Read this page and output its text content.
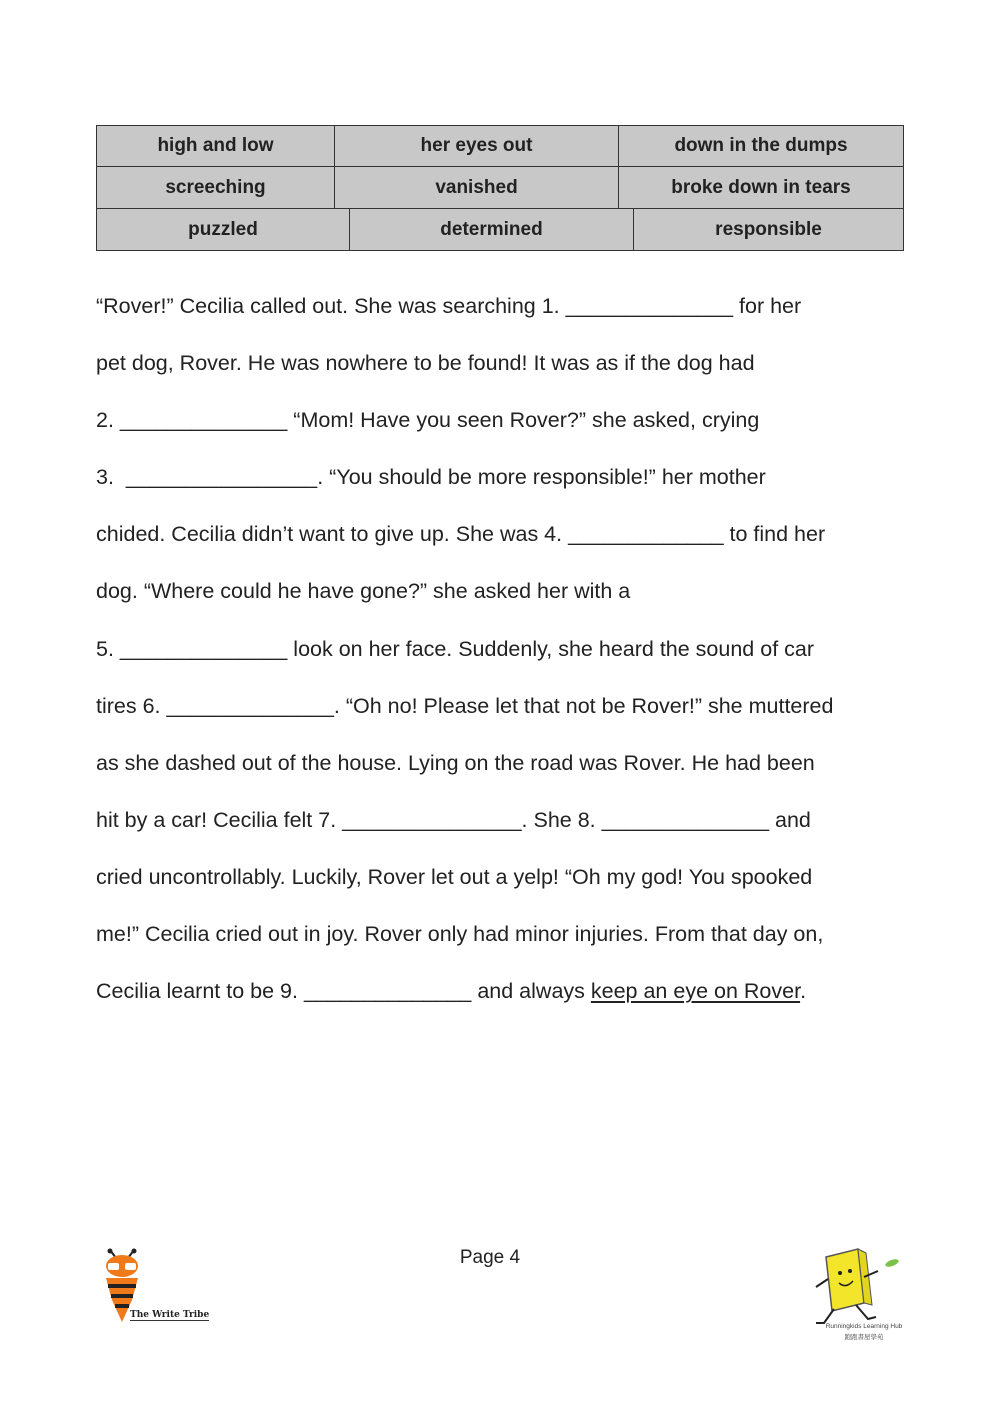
high and low	her eyes out	down in the dumps
screeching	vanished	broke down in tears
puzzled	determined	responsible
“Rover!” Cecilia called out. She was searching 1. ______________ for her
pet dog, Rover. He was nowhere to be found! It was as if the dog had
2. ______________ “Mom! Have you seen Rover?” she asked, crying
3.  ________________. “You should be more responsible!” her mother
chided. Cecilia didn’t want to give up. She was 4. _____________ to find her
dog. “Where could he have gone?” she asked her with a
5. ______________ look on her face. Suddenly, she heard the sound of car
tires 6. ______________. “Oh no! Please let that not be Rover!” she muttered
as she dashed out of the house. Lying on the road was Rover. He had been
hit by a car! Cecilia felt 7. _______________. She 8. ______________ and
cried uncontrollably. Luckily, Rover let out a yelp! “Oh my god! You spooked
me!” Cecilia cried out in joy. Rover only had minor injuries. From that day on,
Cecilia learnt to be 9. ______________ and always keep an eye on Rover.
Page 4
The Write Tribe
Runningkids Learning Hub
跑跑書屋學苑
